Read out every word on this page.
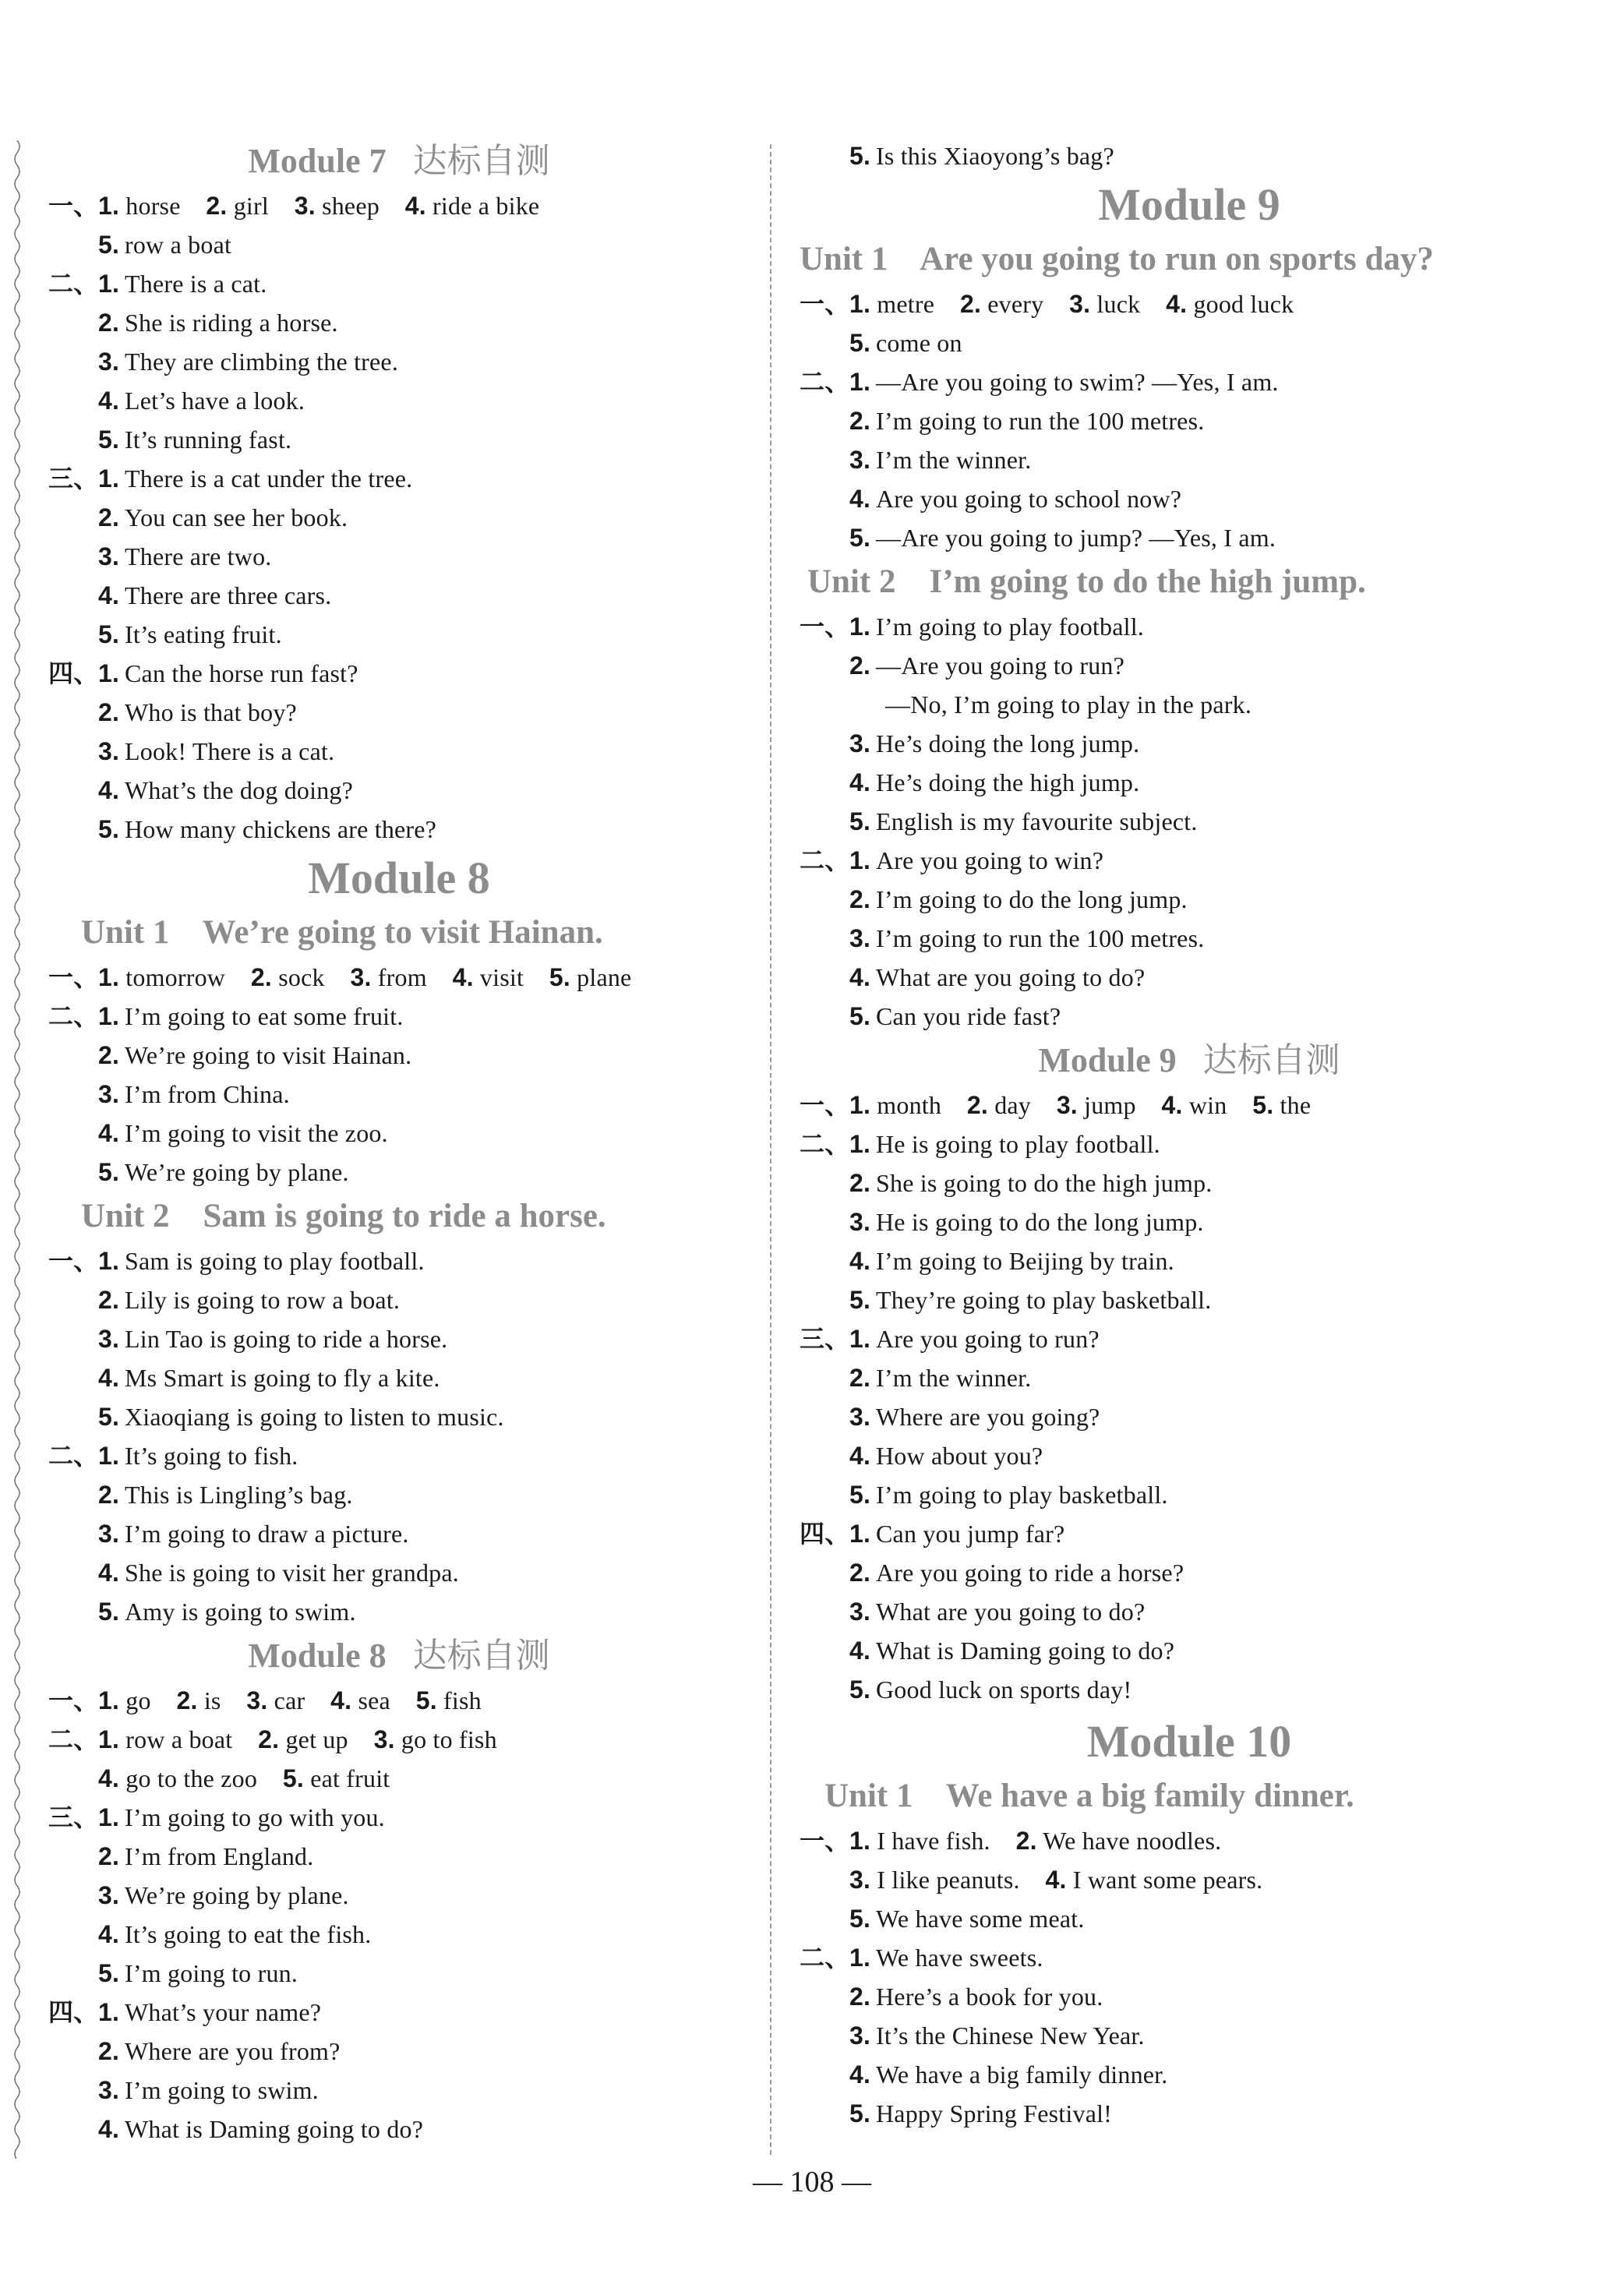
Module 7 达标自测
一、 1. horse 2. girl 3. sheep 4. ride a bike
5. row a boat
二、 1. There is a cat.
2. She is riding a horse.
3. They are climbing the tree.
4. Let’s have a look.
5. It’s running fast.
三、 1. There is a cat under the tree.
2. You can see her book.
3. There are two.
4. There are three cars.
5. It’s eating fruit.
四、 1. Can the horse run fast?
2. Who is that boy?
3. Look! There is a cat.
4. What’s the dog doing?
5. How many chickens are there?
Module 8
Unit 1    We’re going to visit Hainan.
一、 1. tomorrow 2. sock 3. from 4. visit 5. plane
二、 1. I’m going to eat some fruit.
2. We’re going to visit Hainan.
3. I’m from China.
4. I’m going to visit the zoo.
5. We’re going by plane.
Unit 2    Sam is going to ride a horse.
一、 1. Sam is going to play football.
2. Lily is going to row a boat.
3. Lin Tao is going to ride a horse.
4. Ms Smart is going to fly a kite.
5. Xiaoqiang is going to listen to music.
二、 1. It’s going to fish.
2. This is Lingling’s bag.
3. I’m going to draw a picture.
4. She is going to visit her grandpa.
5. Amy is going to swim.
Module 8 达标自测
一、 1. go 2. is 3. car 4. sea 5. fish
二、 1. row a boat 2. get up 3. go to fish
4. go to the zoo 5. eat fruit
三、 1. I’m going to go with you.
2. I’m from England.
3. We’re going by plane.
4. It’s going to eat the fish.
5. I’m going to run.
四、 1. What’s your name?
2. Where are you from?
3. I’m going to swim.
4. What is Daming going to do?
5. Is this Xiaoyong’s bag?
Module 9
Unit 1    Are you going to run on sports day?
一、 1. metre 2. every 3. luck 4. good luck
5. come on
二、 1. —Are you going to swim? —Yes, I am.
2. I’m going to run the 100 metres.
3. I’m the winner.
4. Are you going to school now?
5. —Are you going to jump? —Yes, I am.
Unit 2    I’m going to do the high jump.
一、 1. I’m going to play football.
2. —Are you going to run?
—No, I’m going to play in the park.
3. He’s doing the long jump.
4. He’s doing the high jump.
5. English is my favourite subject.
二、 1. Are you going to win?
2. I’m going to do the long jump.
3. I’m going to run the 100 metres.
4. What are you going to do?
5. Can you ride fast?
Module 9 达标自测
一、 1. month 2. day 3. jump 4. win 5. the
二、 1. He is going to play football.
2. She is going to do the high jump.
3. He is going to do the long jump.
4. I’m going to Beijing by train.
5. They’re going to play basketball.
三、 1. Are you going to run?
2. I’m the winner.
3. Where are you going?
4. How about you?
5. I’m going to play basketball.
四、 1. Can you jump far?
2. Are you going to ride a horse?
3. What are you going to do?
4. What is Daming going to do?
5. Good luck on sports day!
Module 10
Unit 1    We have a big family dinner.
一、 1. I have fish. 2. We have noodles.
3. I like peanuts. 4. I want some pears.
5. We have some meat.
二、 1. We have sweets.
2. Here’s a book for you.
3. It’s the Chinese New Year.
4. We have a big family dinner.
5. Happy Spring Festival!
— 108 —
